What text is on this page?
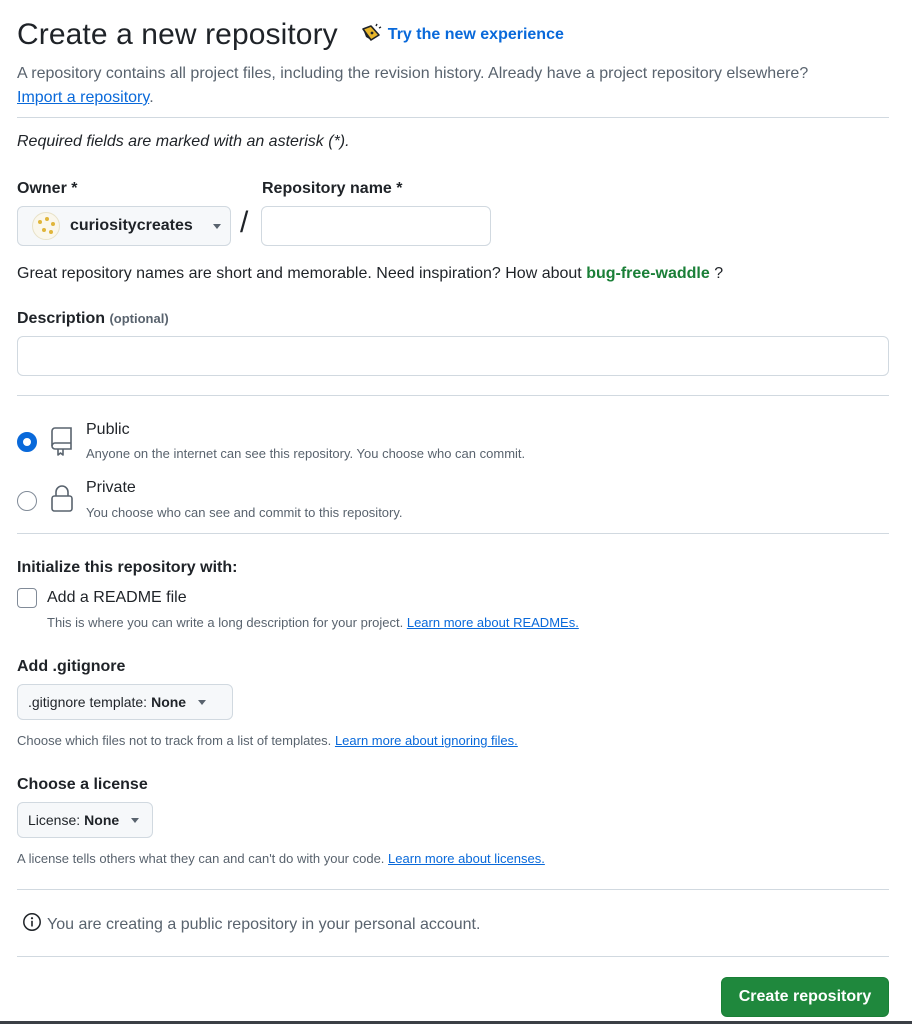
Create a new repository	Try the new experience
A repository contains all project files, including the revision history. Already have a project repository elsewhere?
Import a repository.
Required fields are marked with an asterisk (*).
Owner *	Repository name *
curiositycreates /
Great repository names are short and memorable. Need inspiration? How about bug-free-waddle ?
Description (optional)
Public
Anyone on the internet can see this repository. You choose who can commit.
Private
You choose who can see and commit to this repository.
Initialize this repository with:
Add a README file
This is where you can write a long description for your project. Learn more about READMEs.
Add .gitignore
.gitignore template: None
Choose which files not to track from a list of templates. Learn more about ignoring files.
Choose a license
License: None
A license tells others what they can and can't do with your code. Learn more about licenses.
You are creating a public repository in your personal account.
Create repository
